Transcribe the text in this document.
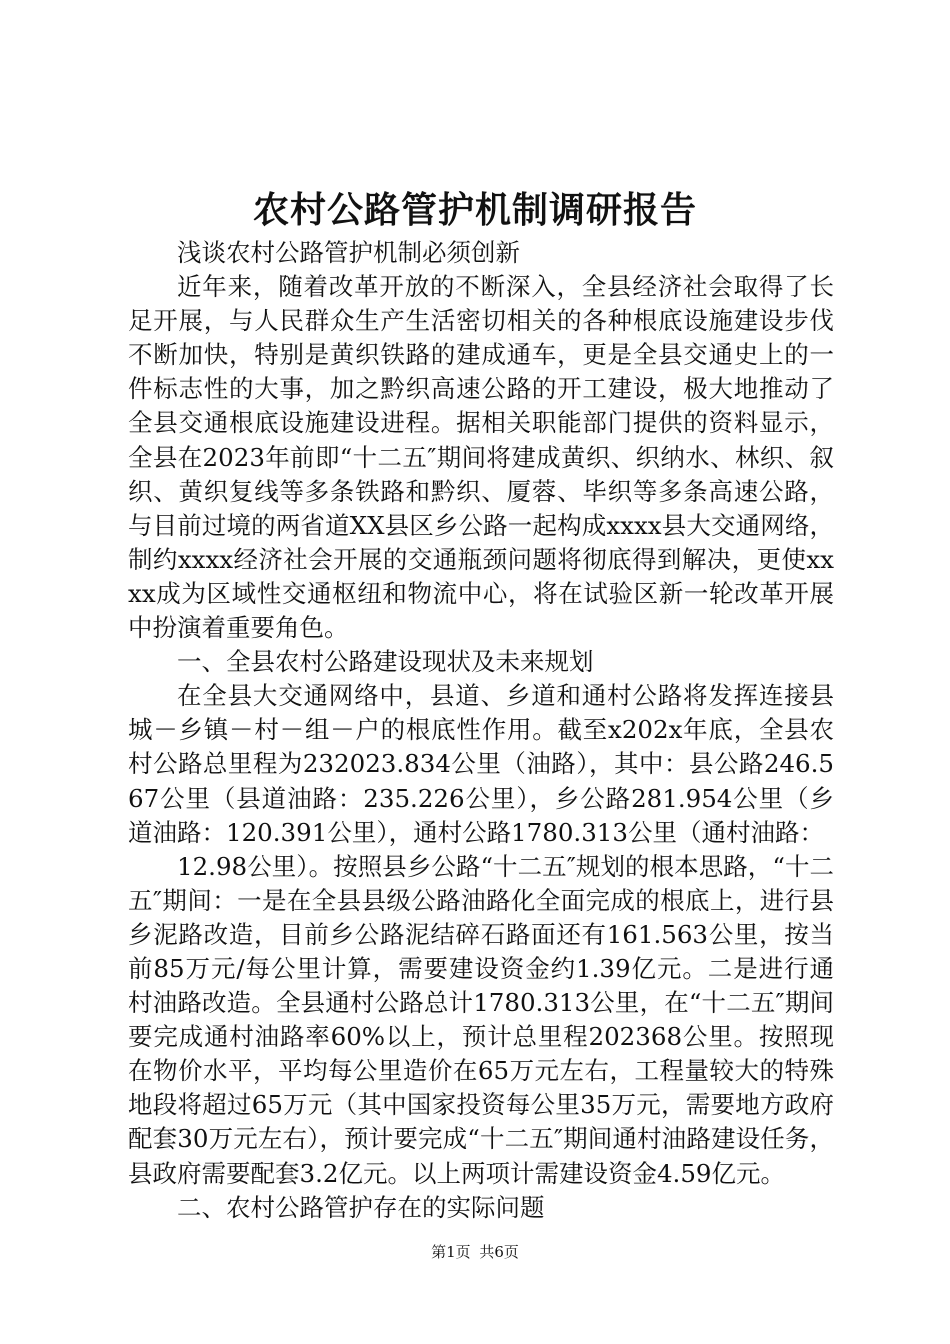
农村公路管护机制调研报告

浅谈农村公路管护机制必须创新

近年来，随着改革开放的不断深入，全县经济社会取得了长足开展，与人民群众生产生活密切相关的各种根底设施建设步伐不断加快，特别是黄织铁路的建成通车，更是全县交通史上的一件标志性的大事，加之黔织高速公路的开工建设，极大地推动了全县交通根底设施建设进程。据相关职能部门提供的资料显示，全县在2023年前即“十二五″期间将建成黄织、织纳水、林织、叙织、黄织复线等多条铁路和黔织、厦蓉、毕织等多条高速公路，与目前过境的两省道XX县区乡公路一起构成xxxx县大交通网络，制约xxxx经济社会开展的交通瓶颈问题将彻底得到解决，更使xxxx成为区域性交通枢纽和物流中心，将在试验区新一轮改革开展中扮演着重要角色。

一、全县农村公路建设现状及未来规划

在全县大交通网络中，县道、乡道和通村公路将发挥连接县城－乡镇－村－组－户的根底性作用。截至x202x年底，全县农村公路总里程为232023.834公里（油路），其中：县公路246.567公里（县道油路：235.226公里），乡公路281.954公里（乡道油路：120.391公里），通村公路1780.313公里（通村油路：

12.98公里）。按照县乡公路“十二五″规划的根本思路，“十二五″期间：一是在全县县级公路油路化全面完成的根底上，进行县乡泥路改造，目前乡公路泥结碎石路面还有161.563公里，按当前85万元/每公里计算，需要建设资金约1.39亿元。二是进行通村油路改造。全县通村公路总计1780.313公里，在“十二五″期间要完成通村油路率60%以上，预计总里程202368公里。按照现在物价水平，平均每公里造价在65万元左右，工程量较大的特殊地段将超过65万元（其中国家投资每公里35万元，需要地方政府配套30万元左右），预计要完成“十二五″期间通村油路建设任务，县政府需要配套3.2亿元。以上两项计需建设资金4.59亿元。

二、农村公路管护存在的实际问题

第1页 共6页
